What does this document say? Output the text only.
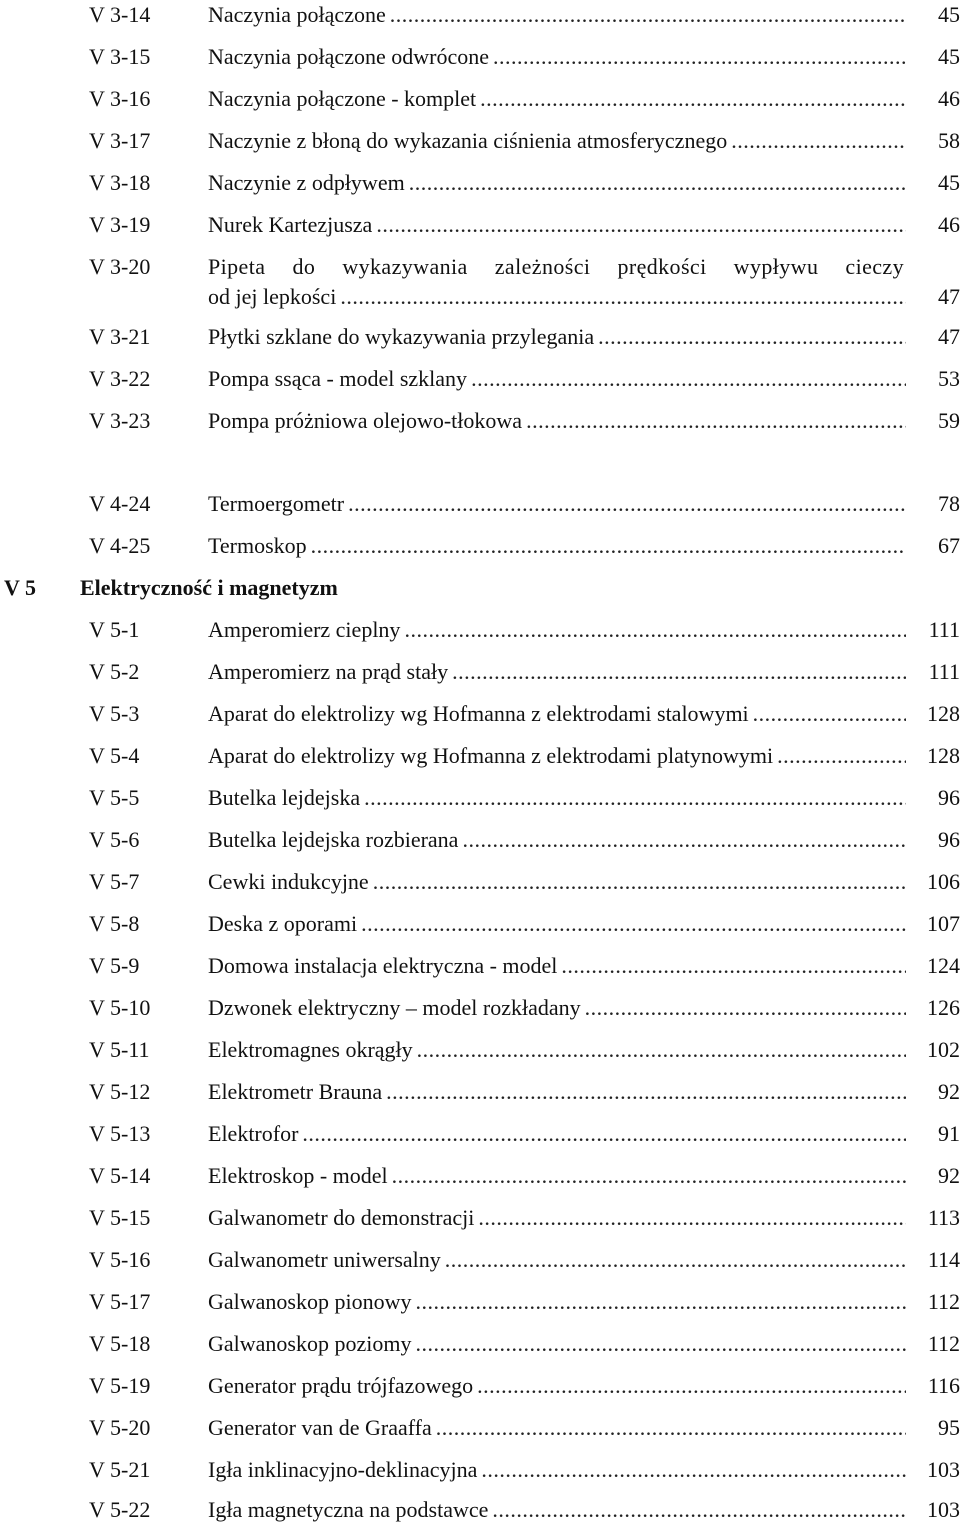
V 3-14	Naczynia połączone .....	45
V 3-15	Naczynia połączone odwrócone .....	45
V 3-16	Naczynia połączone - komplet .....	46
V 3-17	Naczynie z błoną do wykazania ciśnienia atmosferycznego .....	58
V 3-18	Naczynie z odpływem .....	45
V 3-19	Nurek Kartezjusza .....	46
V 3-20	Pipeta do wykazywania zależności prędkości wypływu cieczy
od jej lepkości .....	47
V 3-21	Płytki szklane do wykazywania przylegania .....	47
V 3-22	Pompa ssąca - model szklany .....	53
V 3-23	Pompa próżniowa olejowo-tłokowa .....	59
V 4-24	Termoergometr .....	78
V 4-25	Termoskop .....	67
V 5 Elektryczność i magnetyzm
V 5-1	Amperomierz cieplny .....	111
V 5-2	Amperomierz na prąd stały .....	111
V 5-3	Aparat do elektrolizy wg Hofmanna z elektrodami stalowymi .....	128
V 5-4	Aparat do elektrolizy wg Hofmanna z elektrodami platynowymi .....	128
V 5-5	Butelka lejdejska .....	96
V 5-6	Butelka lejdejska rozbierana .....	96
V 5-7	Cewki indukcyjne .....	106
V 5-8	Deska z oporami .....	107
V 5-9	Domowa instalacja elektryczna - model .....	124
V 5-10	Dzwonek elektryczny – model rozkładany .....	126
V 5-11	Elektromagnes okrągły .....	102
V 5-12	Elektrometr Brauna .....	92
V 5-13	Elektrofor .....	91
V 5-14	Elektroskop - model .....	92
V 5-15	Galwanometr do demonstracji .....	113
V 5-16	Galwanometr uniwersalny .....	114
V 5-17	Galwanoskop pionowy .....	112
V 5-18	Galwanoskop poziomy .....	112
V 5-19	Generator prądu trójfazowego .....	116
V 5-20	Generator van de Graaffa .....	95
V 5-21	Igła inklinacyjno-deklinacyjna .....	103
V 5-22	Igła magnetyczna na podstawce .....	103
